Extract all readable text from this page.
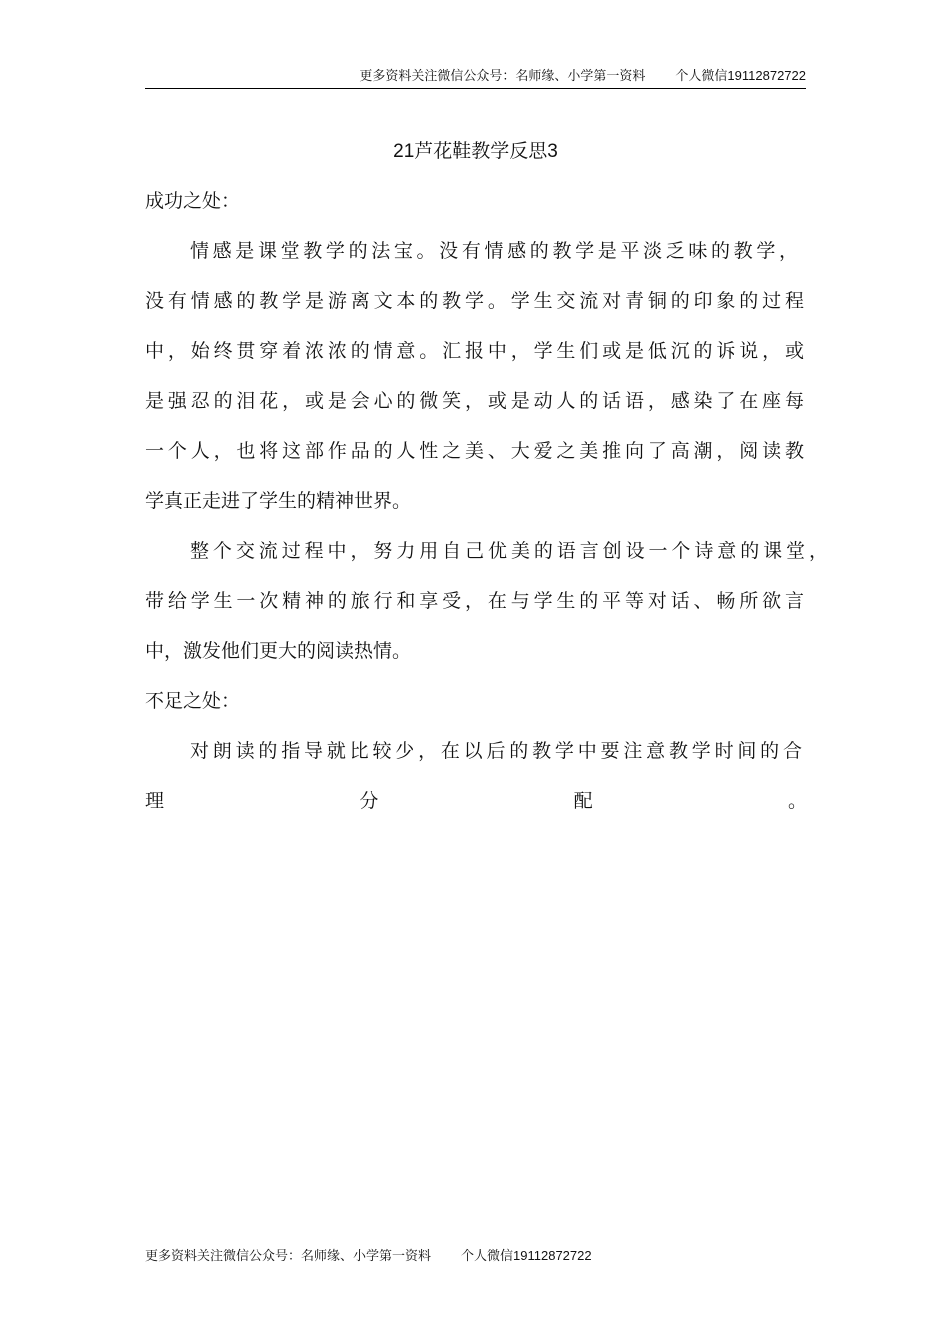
更多资料关注微信公众号：名师缘、小学第一资料 个人微信19112872722
21芦花鞋教学反思3
成功之处：
情感是课堂教学的法宝。没有情感的教学是平淡乏味的教学，
没有情感的教学是游离文本的教学。学生交流对青铜的印象的过程
中，始终贯穿着浓浓的情意。汇报中，学生们或是低沉的诉说，或
是强忍的泪花，或是会心的微笑，或是动人的话语，感染了在座每
一个人，也将这部作品的人性之美、大爱之美推向了高潮，阅读教
学真正走进了学生的精神世界。
整个交流过程中，努力用自己优美的语言创设一个诗意的课堂，
带给学生一次精神的旅行和享受，在与学生的平等对话、畅所欲言
中，激发他们更大的阅读热情。
不足之处：
对朗读的指导就比较少，在以后的教学中要注意教学时间的合
理分配。
更多资料关注微信公众号：名师缘、小学第一资料 个人微信19112872722
